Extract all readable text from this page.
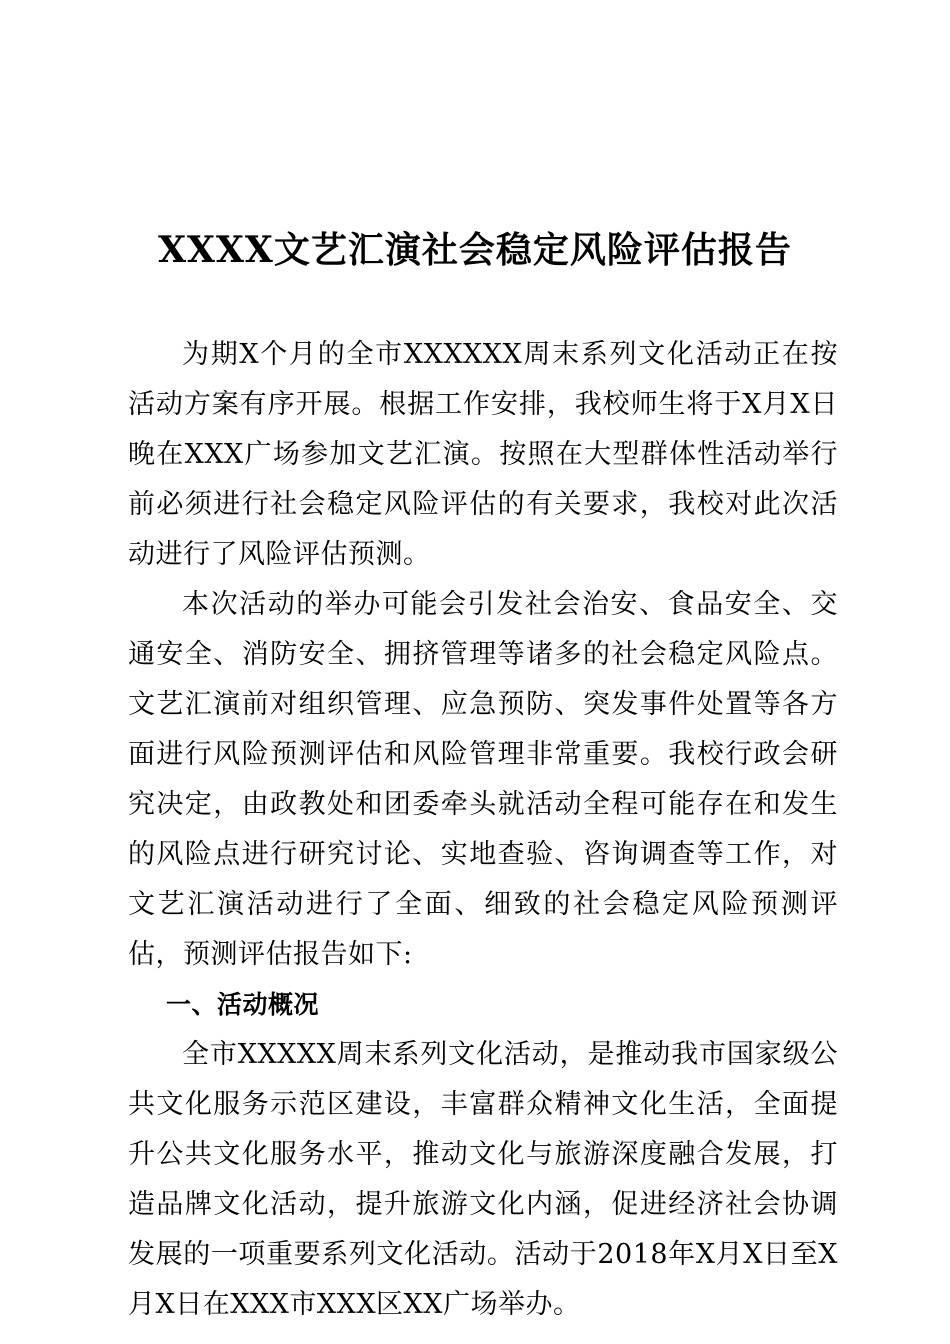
XXXX文艺汇演社会稳定风险评估报告

为期X个月的全市XXXXXX周末系列文化活动正在按活动方案有序开展。根据工作安排，我校师生将于X月X日晚在XXX广场参加文艺汇演。按照在大型群体性活动举行前必须进行社会稳定风险评估的有关要求，我校对此次活动进行了风险评估预测。

本次活动的举办可能会引发社会治安、食品安全、交通安全、消防安全、拥挤管理等诸多的社会稳定风险点。文艺汇演前对组织管理、应急预防、突发事件处置等各方面进行风险预测评估和风险管理非常重要。我校行政会研究决定，由政教处和团委牵头就活动全程可能存在和发生的风险点进行研究讨论、实地查验、咨询调查等工作，对文艺汇演活动进行了全面、细致的社会稳定风险预测评估，预测评估报告如下:

一、活动概况

全市XXXXX周末系列文化活动，是推动我市国家级公共文化服务示范区建设，丰富群众精神文化生活，全面提升公共文化服务水平，推动文化与旅游深度融合发展，打造品牌文化活动，提升旅游文化内涵，促进经济社会协调发展的一项重要系列文化活动。活动于2018年X月X日至X月X日在XXX市XXX区XX广场举办。
